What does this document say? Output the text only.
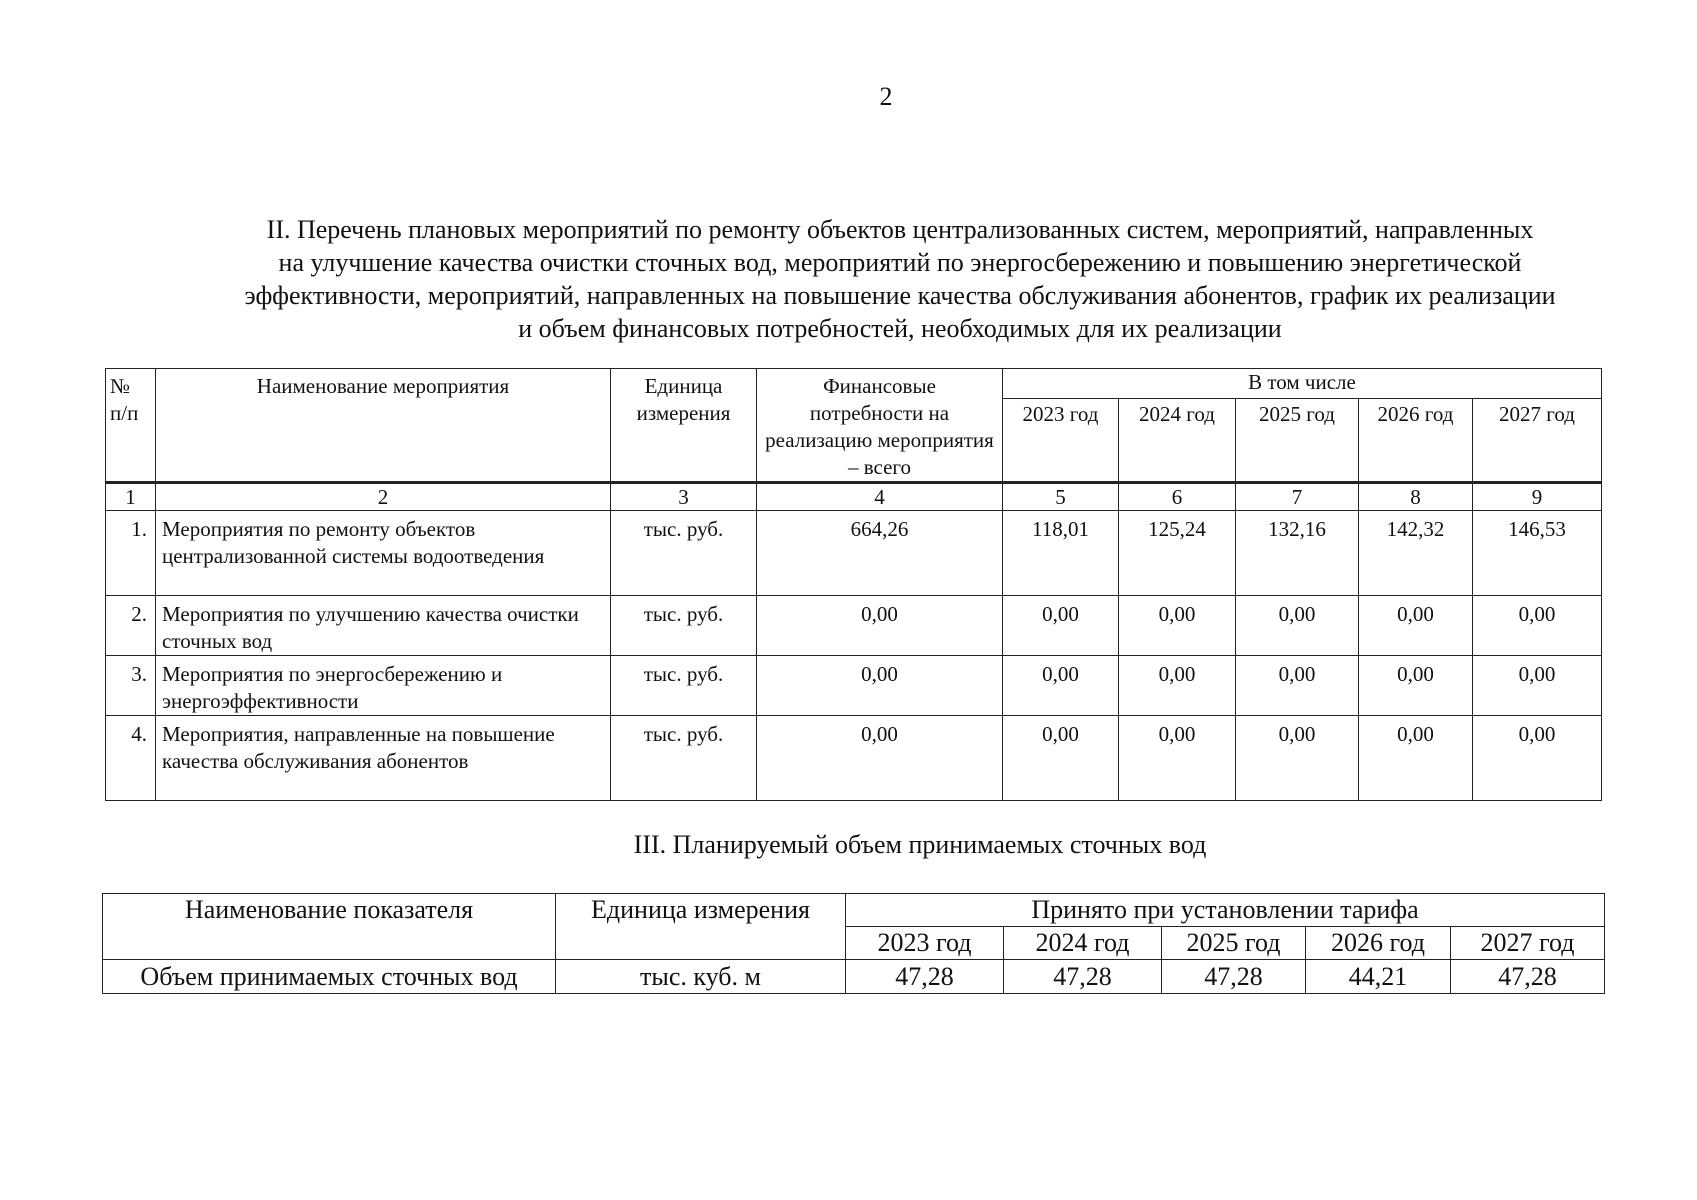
2
II. Перечень плановых мероприятий по ремонту объектов централизованных систем, мероприятий, направленных
на улучшение качества очистки сточных вод, мероприятий по энергосбережению и повышению энергетической
эффективности, мероприятий, направленных на повышение качества обслуживания абонентов, график их реализации
и объем финансовых потребностей, необходимых для их реализации
№ п/п	Наименование мероприятия	Единица измерения	Финансовые потребности на реализацию мероприятия – всего	В том числе				
				2023 год	2024 год	2025 год	2026 год	2027 год
1	2	3	4	5	6	7	8	9
1.	Мероприятия по ремонту объектов централизованной системы водоотведения	тыс. руб.	664,26	118,01	125,24	132,16	142,32	146,53
2.	Мероприятия по улучшению качества очистки сточных вод	тыс. руб.	0,00	0,00	0,00	0,00	0,00	0,00
3.	Мероприятия по энергосбережению и энергоэффективности	тыс. руб.	0,00	0,00	0,00	0,00	0,00	0,00
4.	Мероприятия, направленные на повышение качества обслуживания абонентов	тыс. руб.	0,00	0,00	0,00	0,00	0,00	0,00
III. Планируемый объем принимаемых сточных вод
Наименование показателя	Единица измерения	Принято при установлении тарифа				
		2023 год	2024 год	2025 год	2026 год	2027 год
Объем принимаемых сточных вод	тыс. куб. м	47,28	47,28	47,28	44,21	47,28
